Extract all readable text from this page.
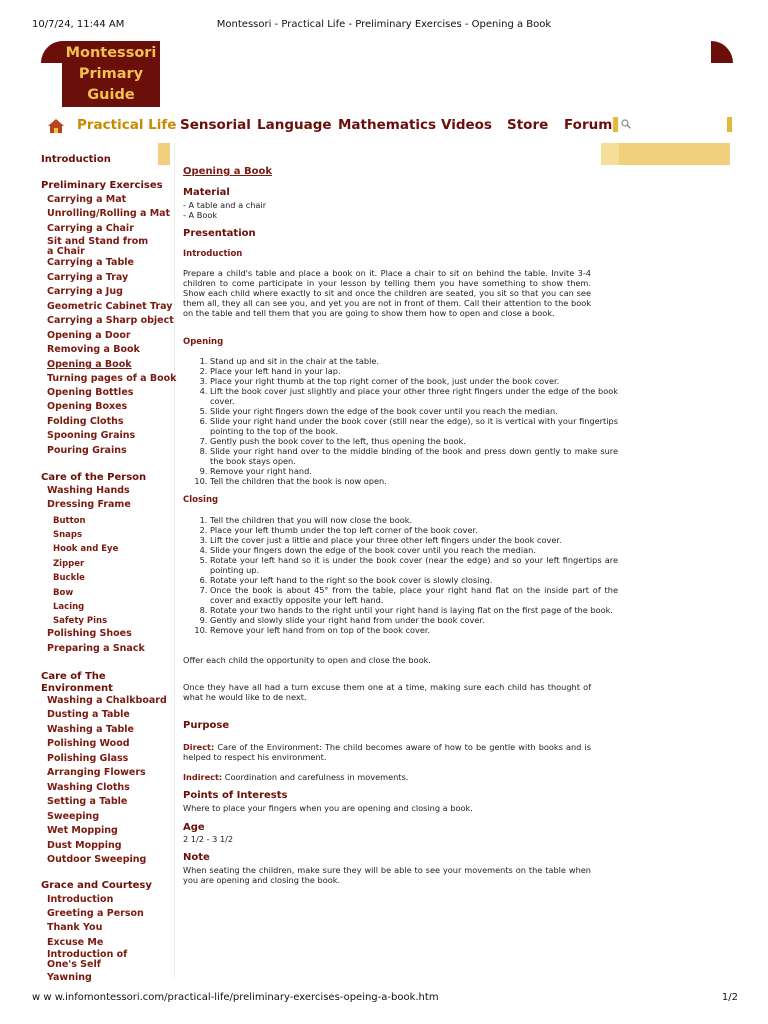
10/7/24, 11:44 AM	Montessori - Practical Life - Preliminary Exercises - Opening a Book
Montessori
Primary
Guide
Practical Life Sensorial Language Mathematics Videos Store Forum
Introduction
Preliminary Exercises
Carrying a Mat
Unrolling/Rolling a Mat
Carrying a Chair
Sit and Stand from a Chair
Carrying a Table
Carrying a Tray
Carrying a Jug
Geometric Cabinet Tray
Carrying a Sharp object
Opening a Door
Removing a Book
Opening a Book
Turning pages of a Book
Opening Bottles
Opening Boxes
Folding Cloths
Spooning Grains
Pouring Grains
Care of the Person
Washing Hands
Dressing Frame
Button
Snaps
Hook and Eye
Zipper
Buckle
Bow
Lacing
Safety Pins
Polishing Shoes
Preparing a Snack
Care of The Environment
Washing a Chalkboard
Dusting a Table
Washing a Table
Polishing Wood
Polishing Glass
Arranging Flowers
Washing Cloths
Setting a Table
Sweeping
Wet Mopping
Dust Mopping
Outdoor Sweeping
Grace and Courtesy
Introduction
Greeting a Person
Thank You
Excuse Me
Introduction of One's Self
Yawning
Opening a Book
Material
- A table and a chair
- A Book
Presentation
Introduction

Prepare a child's table and place a book on it. Place a chair to sit on behind the table. Invite 3-4 children to come participate in your lesson by telling them you have something to show them. Show each child where exactly to sit and once the children are seated, you sit so that you can see them all, they all can see you, and yet you are not in front of them. Call their attention to the book on the table and tell them that you are going to show them how to open and close a book.

Opening
1. Stand up and sit in the chair at the table.
2. Place your left hand in your lap.
3. Place your right thumb at the top right corner of the book, just under the book cover.
4. Lift the book cover just slightly and place your other three right fingers under the edge of the book cover.
5. Slide your right fingers down the edge of the book cover until you reach the median.
6. Slide your right hand under the book cover (still near the edge), so it is vertical with your fingertips pointing to the top of the book.
7. Gently push the book cover to the left, thus opening the book.
8. Slide your right hand over to the middle binding of the book and press down gently to make sure the book stays open.
9. Remove your right hand.
10. Tell the children that the book is now open.
Closing
1. Tell the children that you will now close the book.
2. Place your left thumb under the top left corner of the book cover.
3. Lift the cover just a little and place your three other left fingers under the book cover.
4. Slide your fingers down the edge of the book cover until you reach the median.
5. Rotate your left hand so it is under the book cover (near the edge) and so your left fingertips are pointing up.
6. Rotate your left hand to the right so the book cover is slowly closing.
7. Once the book is about 45° from the table, place your right hand flat on the inside part of the cover and exactly opposite your left hand.
8. Rotate your two hands to the right until your right hand is laying flat on the first page of the book.
9. Gently and slowly slide your right hand from under the book cover.
10. Remove your left hand from on top of the book cover.

Offer each child the opportunity to open and close the book.

Once they have all had a turn excuse them one at a time, making sure each child has thought of what he would like to de next.

Purpose

Direct: Care of the Environment: The child becomes aware of how to be gentle with books and is helped to respect his environment.

Indirect: Coordination and carefulness in movements.

Points of Interests

Where to place your fingers when you are opening and closing a book.

Age

2 1/2 - 3 1/2

Note

When seating the children, make sure they will be able to see your movements on the table when you are opening and closing the book.

w w w.infomontessori.com/practical-life/preliminary-exercises-opeing-a-book.htm	1/2
